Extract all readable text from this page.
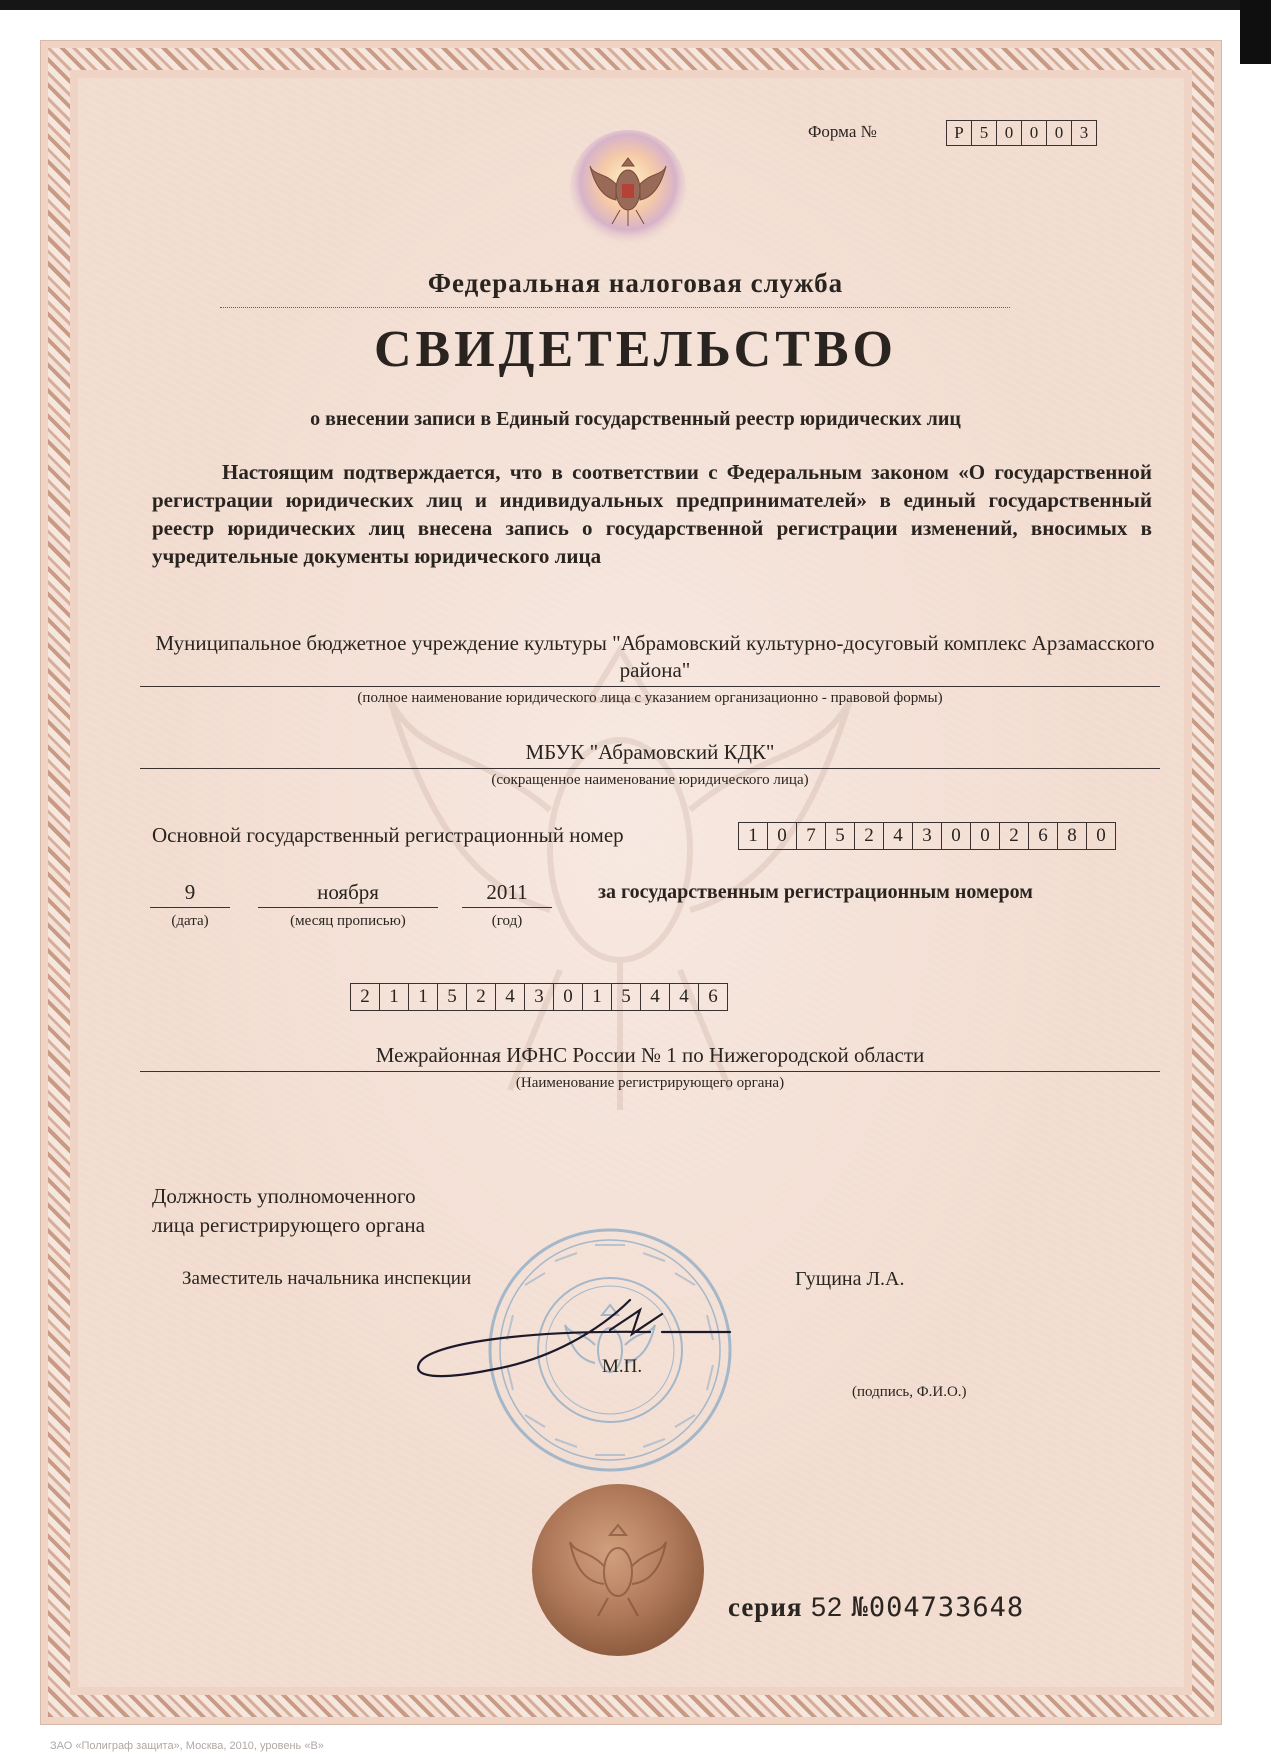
Форма №	Р 5 0 0 0 3
Федеральная налоговая служба
СВИДЕТЕЛЬСТВО
о внесении записи в Единый государственный реестр юридических лиц
Настоящим подтверждается, что в соответствии с Федеральным законом «О государственной регистрации юридических лиц и индивидуальных предпринимателей» в единый государственный реестр юридических лиц внесена запись о государственной регистрации изменений, вносимых в учредительные документы юридического лица
Муниципальное бюджетное учреждение культуры "Абрамовский культурно-досуговый комплекс Арзамасского района"
(полное наименование юридического лица с указанием организационно - правовой формы)
МБУК "Абрамовский КДК"
(сокращенное наименование юридического лица)
Основной государственный регистрационный номер	1	0	7	5	2	4	3	0	0	2	6	8	0
9
(дата)
ноября
(месяц прописью)
2011
(год)
за государственным регистрационным номером
2	1	1	5	2	4	3	0	1	5	4	4	6
Межрайонная ИФНС России № 1 по Нижегородской области
(Наименование регистрирующего органа)
Должность уполномоченного
лица регистрирующего органа
Заместитель начальника инспекции	Гущина Л.А.
М.П.
(подпись, Ф.И.О.)
серия 52 №004733648
ЗАО «Полиграф защита», Москва, 2010, уровень «В»
